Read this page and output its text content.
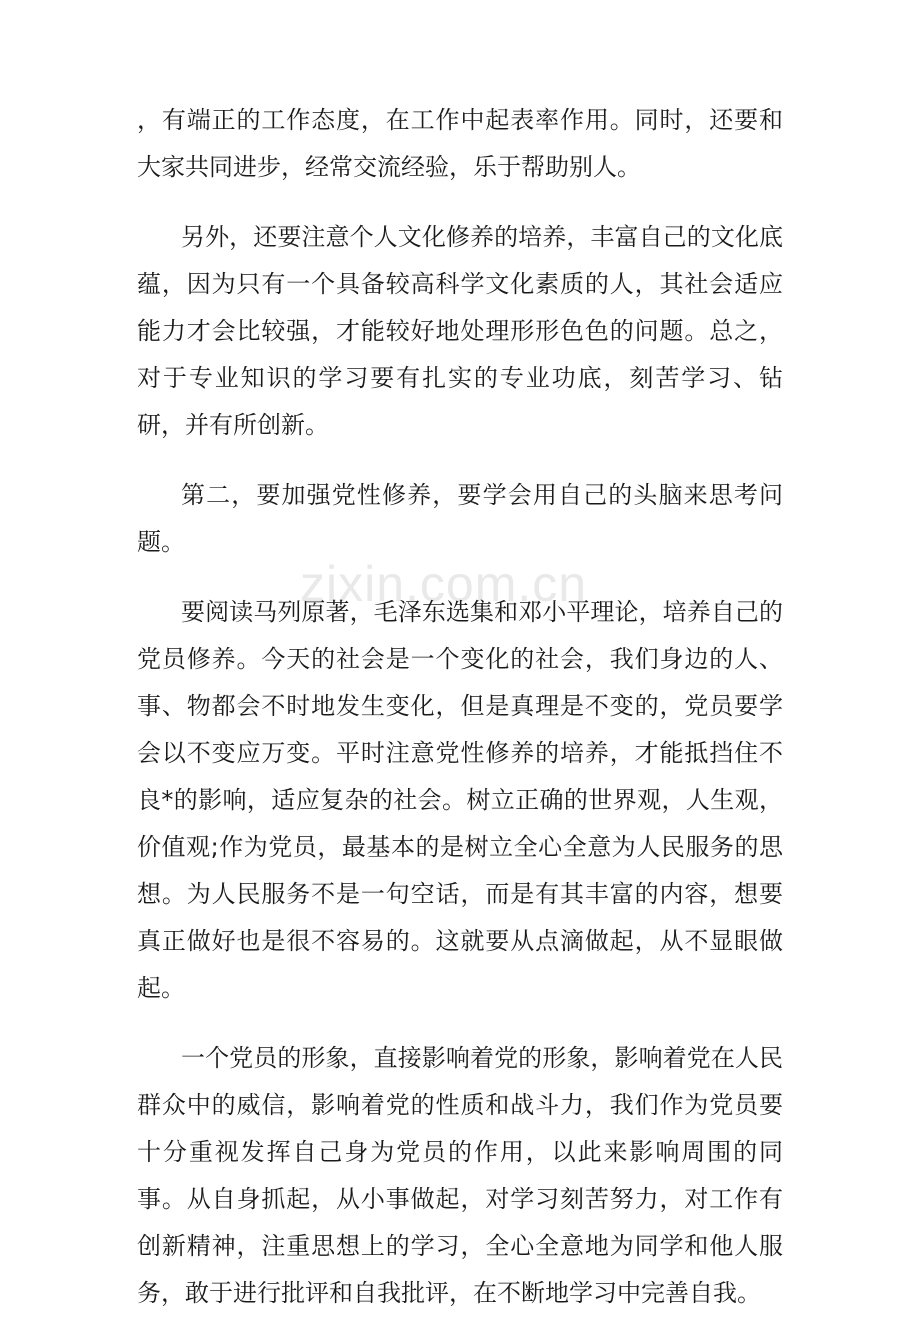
zixin.com.cn

，有端正的工作态度，在工作中起表率作用。同时，还要和大家共同进步，经常交流经验，乐于帮助别人。

另外，还要注意个人文化修养的培养，丰富自己的文化底蕴，因为只有一个具备较高科学文化素质的人，其社会适应能力才会比较强，才能较好地处理形形色色的问题。总之，对于专业知识的学习要有扎实的专业功底，刻苦学习、钻研，并有所创新。

第二，要加强党性修养，要学会用自己的头脑来思考问题。

要阅读马列原著，毛泽东选集和邓小平理论，培养自己的党员修养。今天的社会是一个变化的社会，我们身边的人、事、物都会不时地发生变化，但是真理是不变的，党员要学会以不变应万变。平时注意党性修养的培养，才能抵挡住不良*的影响，适应复杂的社会。树立正确的世界观，人生观，价值观;作为党员，最基本的是树立全心全意为人民服务的思想。为人民服务不是一句空话，而是有其丰富的内容，想要真正做好也是很不容易的。这就要从点滴做起，从不显眼做起。

一个党员的形象，直接影响着党的形象，影响着党在人民群众中的威信，影响着党的性质和战斗力，我们作为党员要十分重视发挥自己身为党员的作用，以此来影响周围的同事。从自身抓起，从小事做起，对学习刻苦努力，对工作有创新精神，注重思想上的学习，全心全意地为同学和他人服务，敢于进行批评和自我批评，在不断地学习中完善自我。
